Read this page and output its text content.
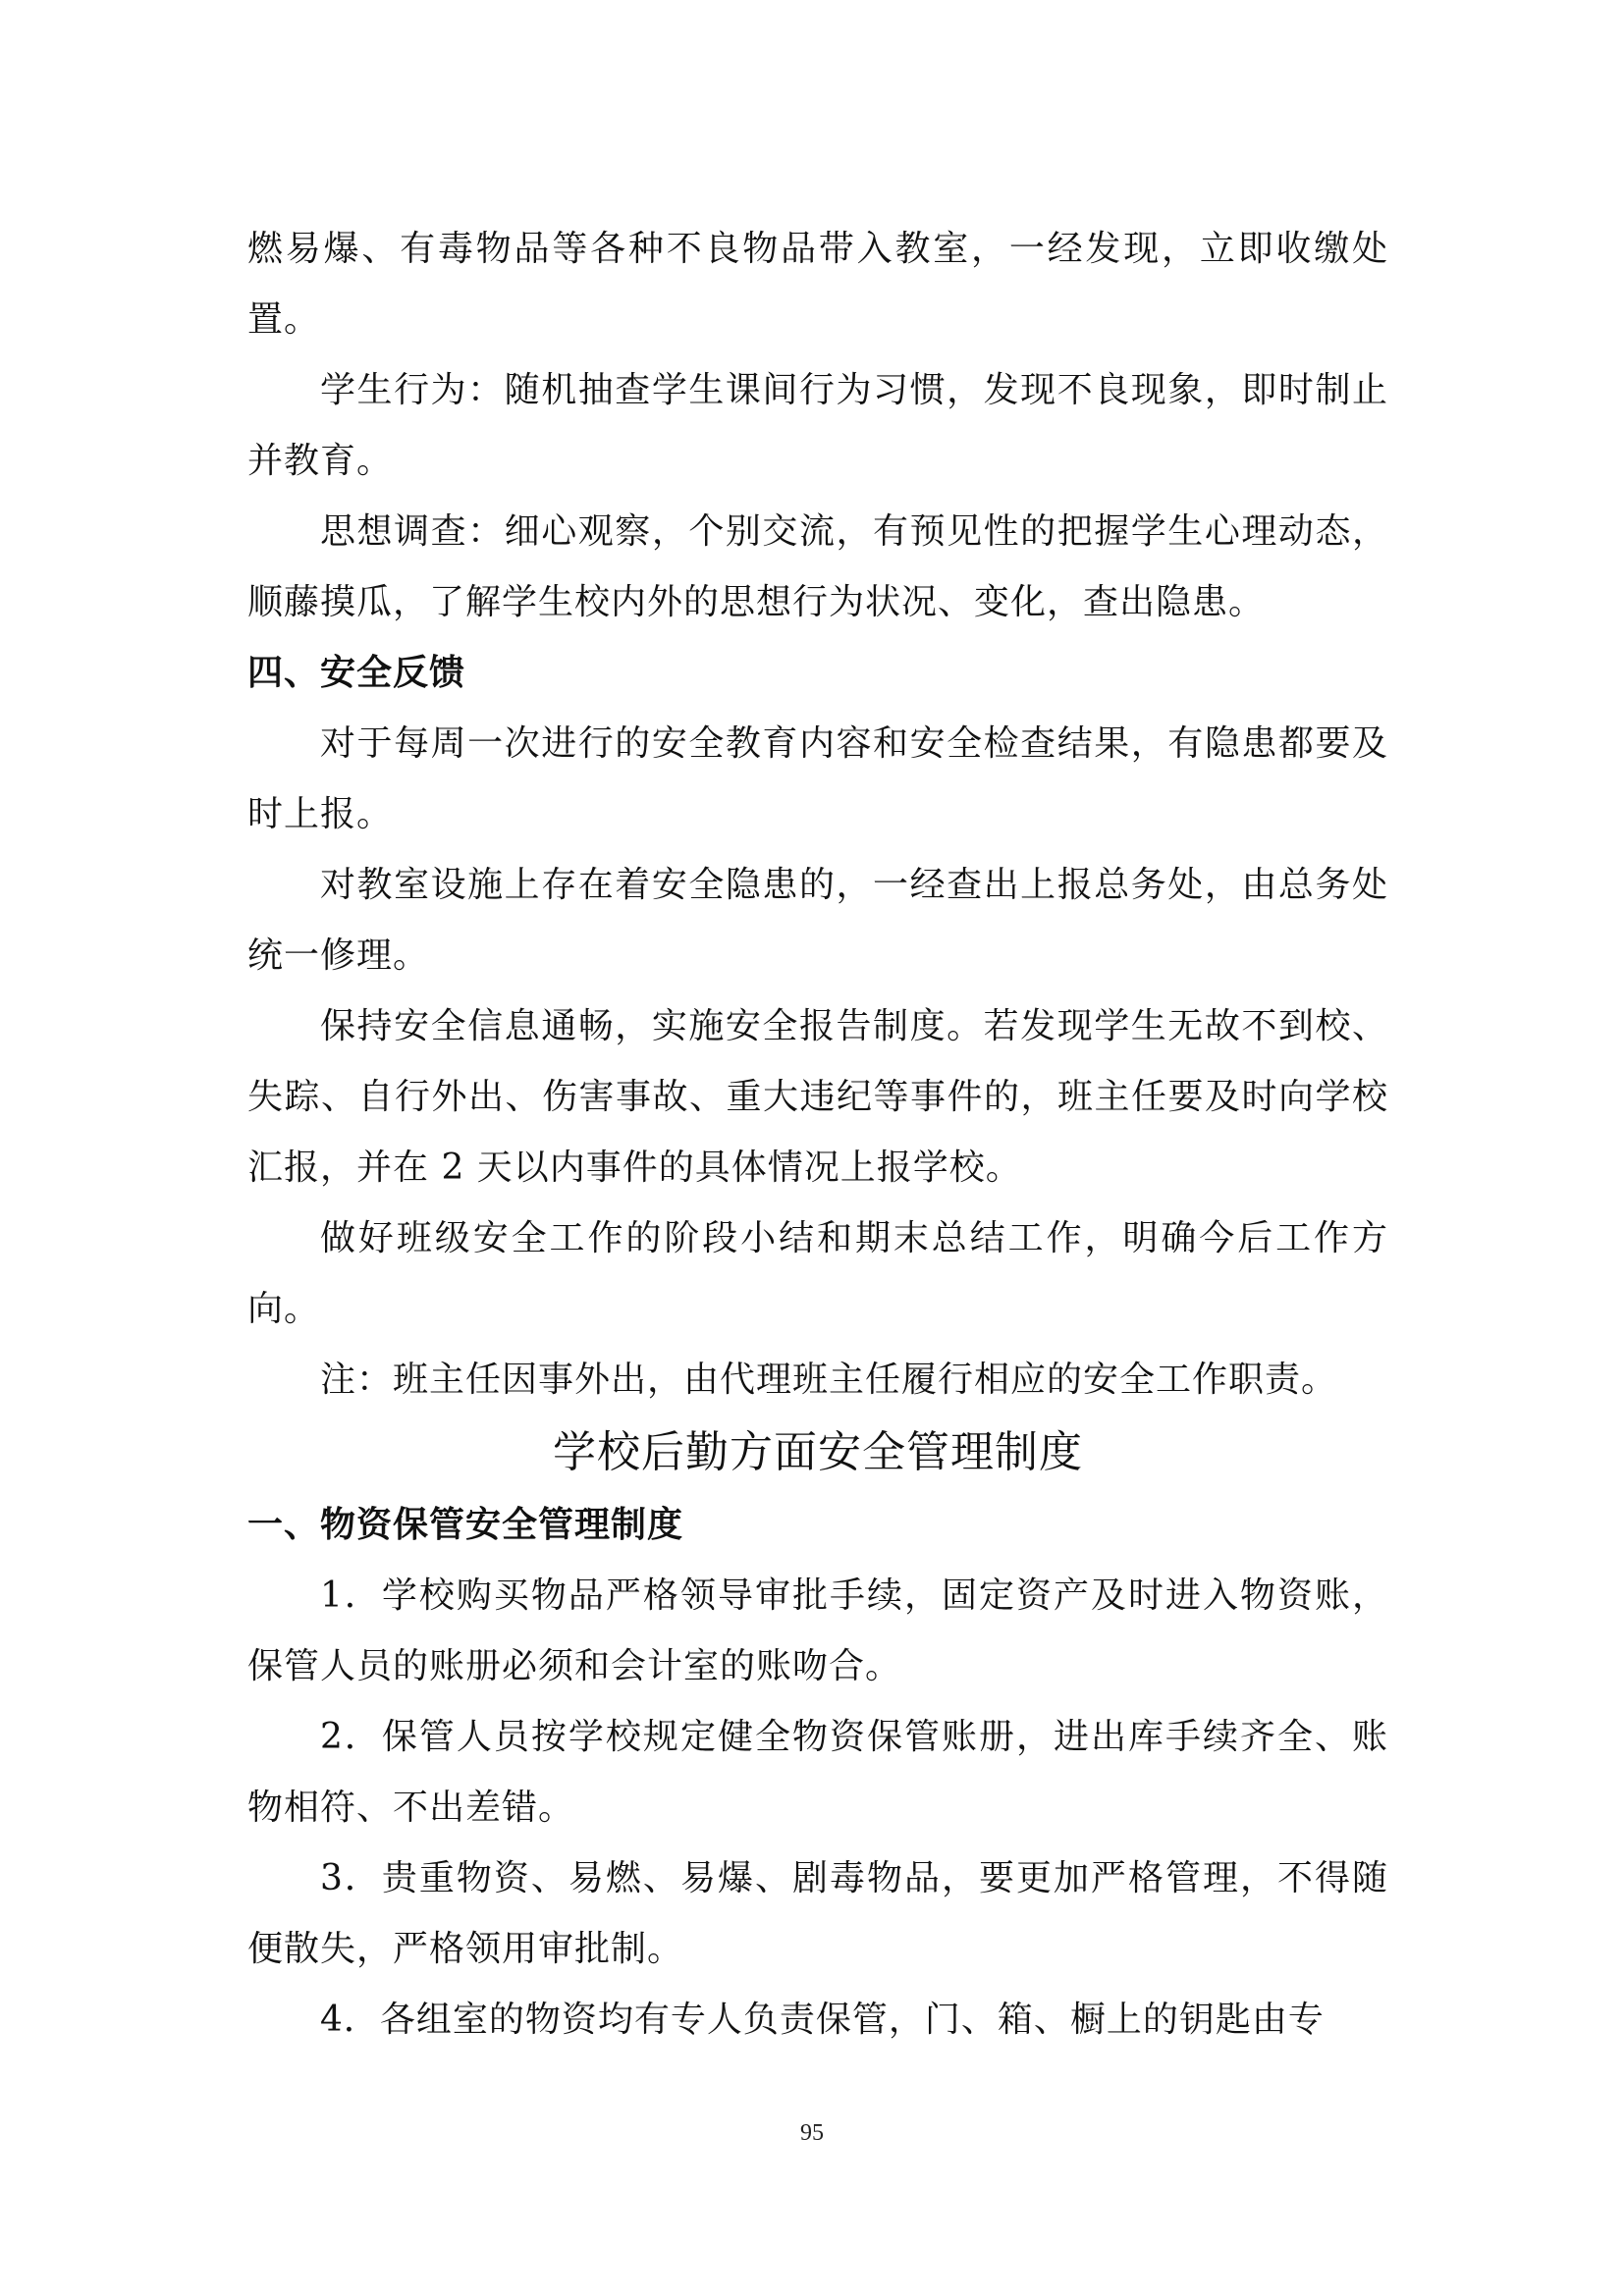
燃易爆、有毒物品等各种不良物品带入教室，一经发现，立即收缴处置。

学生行为：随机抽查学生课间行为习惯，发现不良现象，即时制止并教育。

思想调查：细心观察，个别交流，有预见性的把握学生心理动态，顺藤摸瓜，了解学生校内外的思想行为状况、变化，查出隐患。

四、安全反馈

对于每周一次进行的安全教育内容和安全检查结果，有隐患都要及时上报。

对教室设施上存在着安全隐患的，一经查出上报总务处，由总务处统一修理。

保持安全信息通畅，实施安全报告制度。若发现学生无故不到校、失踪、自行外出、伤害事故、重大违纪等事件的，班主任要及时向学校汇报，并在 2 天以内事件的具体情况上报学校。

做好班级安全工作的阶段小结和期末总结工作，明确今后工作方向。

注：班主任因事外出，由代理班主任履行相应的安全工作职责。

学校后勤方面安全管理制度

一、物资保管安全管理制度

1．学校购买物品严格领导审批手续，固定资产及时进入物资账，保管人员的账册必须和会计室的账吻合。

2．保管人员按学校规定健全物资保管账册，进出库手续齐全、账物相符、不出差错。

3．贵重物资、易燃、易爆、剧毒物品，要更加严格管理，不得随便散失，严格领用审批制。

4．各组室的物资均有专人负责保管，门、箱、橱上的钥匙由专

95
